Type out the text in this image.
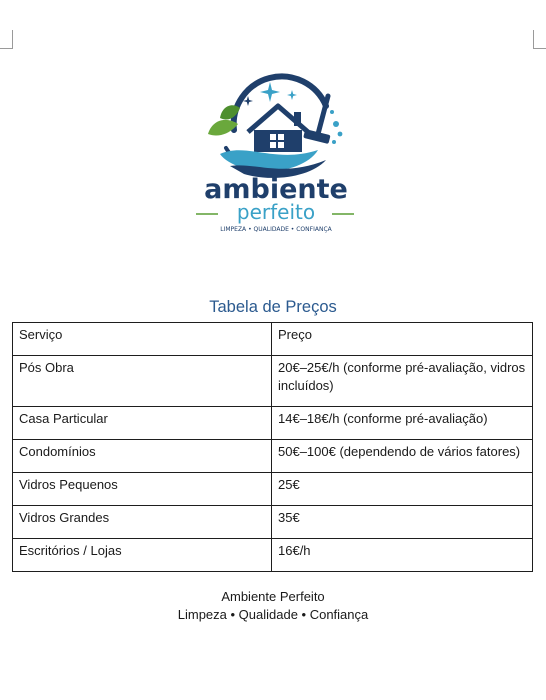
ambiente
perfeito
LIMPEZA • QUALIDADE • CONFIANÇA
Tabela de Preços
Serviço	Preço
Pós Obra	20€–25€/h (conforme pré-avaliação, vidros incluídos)
Casa Particular	14€–18€/h (conforme pré-avaliação)
Condomínios	50€–100€ (dependendo de vários fatores)
Vidros Pequenos	25€
Vidros Grandes	35€
Escritórios / Lojas	16€/h
Ambiente Perfeito
Limpeza • Qualidade • Confiança
